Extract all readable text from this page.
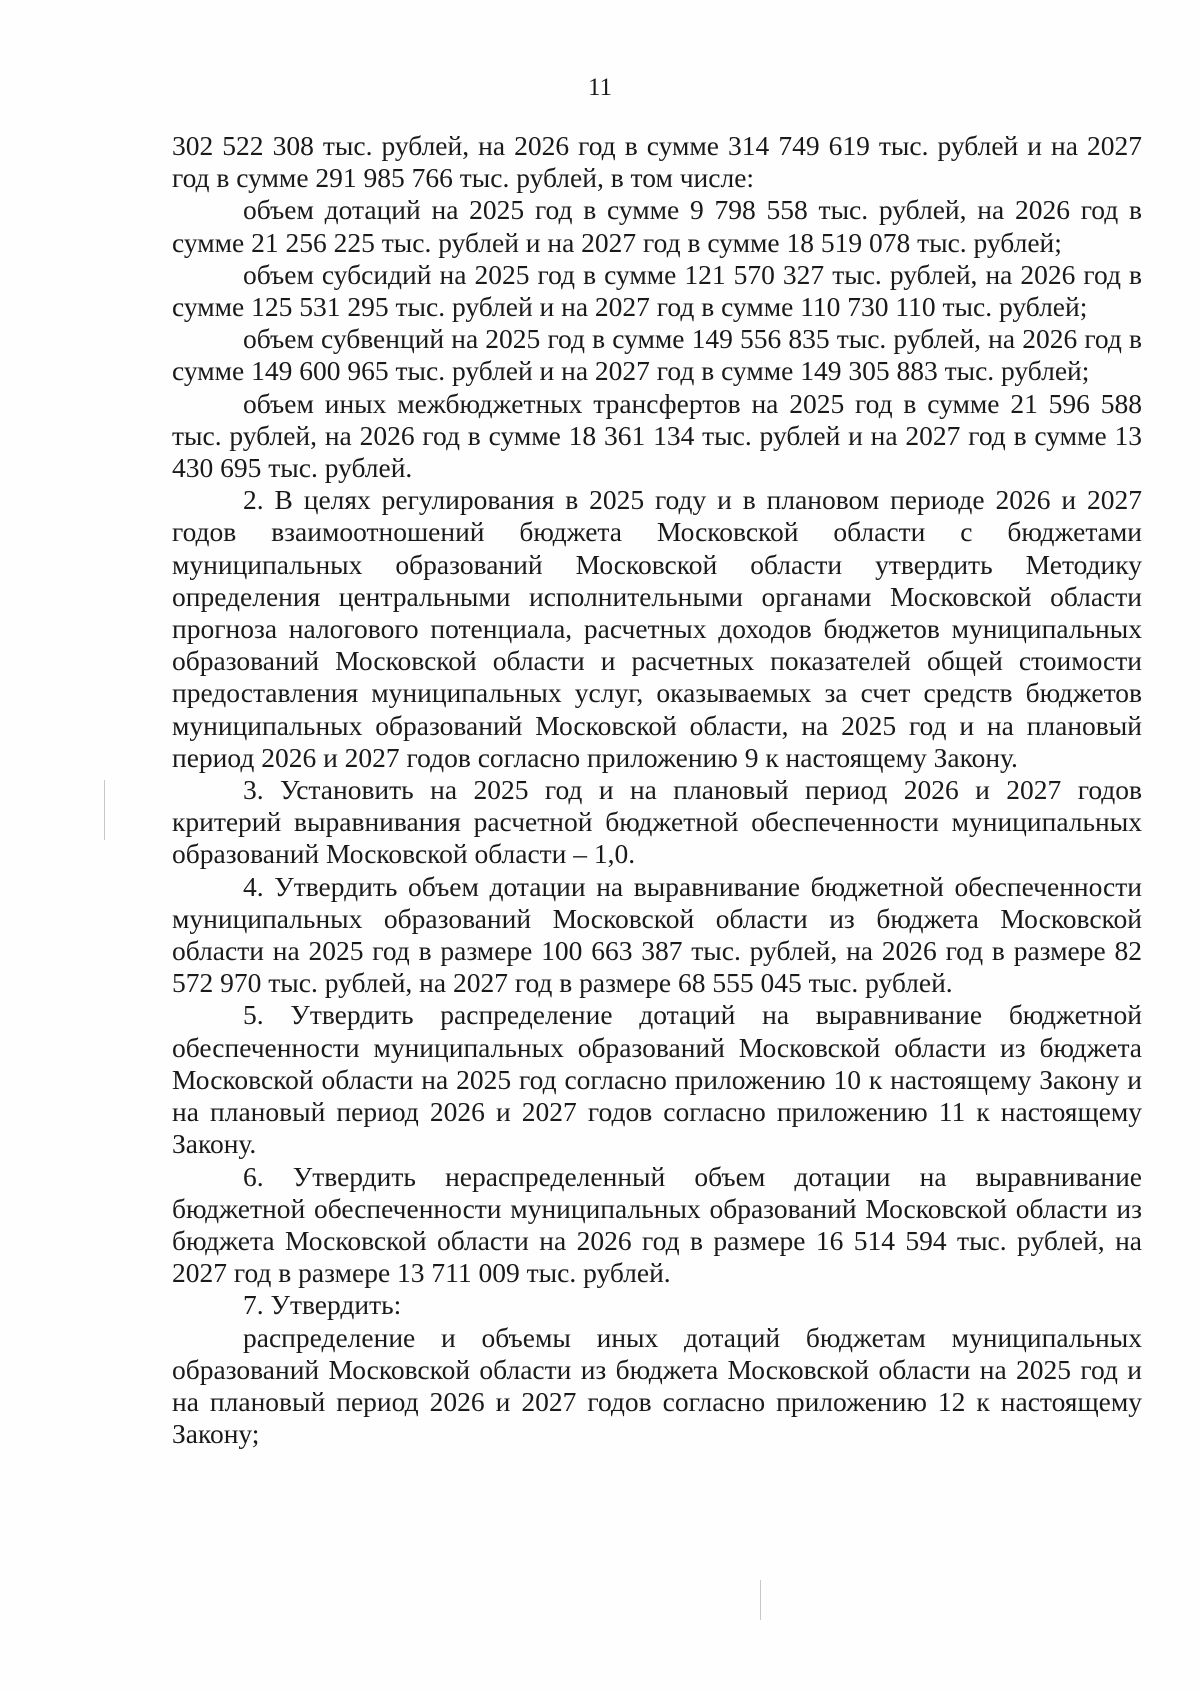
11

302 522 308 тыс. рублей, на 2026 год в сумме 314 749 619 тыс. рублей и на 2027 год в сумме 291 985 766 тыс. рублей, в том числе:

объем дотаций на 2025 год в сумме 9 798 558 тыс. рублей, на 2026 год в сумме 21 256 225 тыс. рублей и на 2027 год в сумме 18 519 078 тыс. рублей;

объем субсидий на 2025 год в сумме 121 570 327 тыс. рублей, на 2026 год в сумме 125 531 295 тыс. рублей и на 2027 год в сумме 110 730 110 тыс. рублей;

объем субвенций на 2025 год в сумме 149 556 835 тыс. рублей, на 2026 год в сумме 149 600 965 тыс. рублей и на 2027 год в сумме 149 305 883 тыс. рублей;

объем иных межбюджетных трансфертов на 2025 год в сумме 21 596 588 тыс. рублей, на 2026 год в сумме 18 361 134 тыс. рублей и на 2027 год в сумме 13 430 695 тыс. рублей.

2. В целях регулирования в 2025 году и в плановом периоде 2026 и 2027 годов взаимоотношений бюджета Московской области с бюджетами муниципальных образований Московской области утвердить Методику определения центральными исполнительными органами Московской области прогноза налогового потенциала, расчетных доходов бюджетов муниципальных образований Московской области и расчетных показателей общей стоимости предоставления муниципальных услуг, оказываемых за счет средств бюджетов муниципальных образований Московской области, на 2025 год и на плановый период 2026 и 2027 годов согласно приложению 9 к настоящему Закону.

3. Установить на 2025 год и на плановый период 2026 и 2027 годов критерий выравнивания расчетной бюджетной обеспеченности муниципальных образований Московской области – 1,0.

4. Утвердить объем дотации на выравнивание бюджетной обеспеченности муниципальных образований Московской области из бюджета Московской области на 2025 год в размере 100 663 387 тыс. рублей, на 2026 год в размере 82 572 970 тыс. рублей, на 2027 год в размере 68 555 045 тыс. рублей.

5. Утвердить распределение дотаций на выравнивание бюджетной обеспеченности муниципальных образований Московской области из бюджета Московской области на 2025 год согласно приложению 10 к настоящему Закону и на плановый период 2026 и 2027 годов согласно приложению 11 к настоящему Закону.

6. Утвердить нераспределенный объем дотации на выравнивание бюджетной обеспеченности муниципальных образований Московской области из бюджета Московской области на 2026 год в размере 16 514 594 тыс. рублей, на 2027 год в размере 13 711 009 тыс. рублей.

7. Утвердить:

распределение и объемы иных дотаций бюджетам муниципальных образований Московской области из бюджета Московской области на 2025 год и на плановый период 2026 и 2027 годов согласно приложению 12 к настоящему Закону;
